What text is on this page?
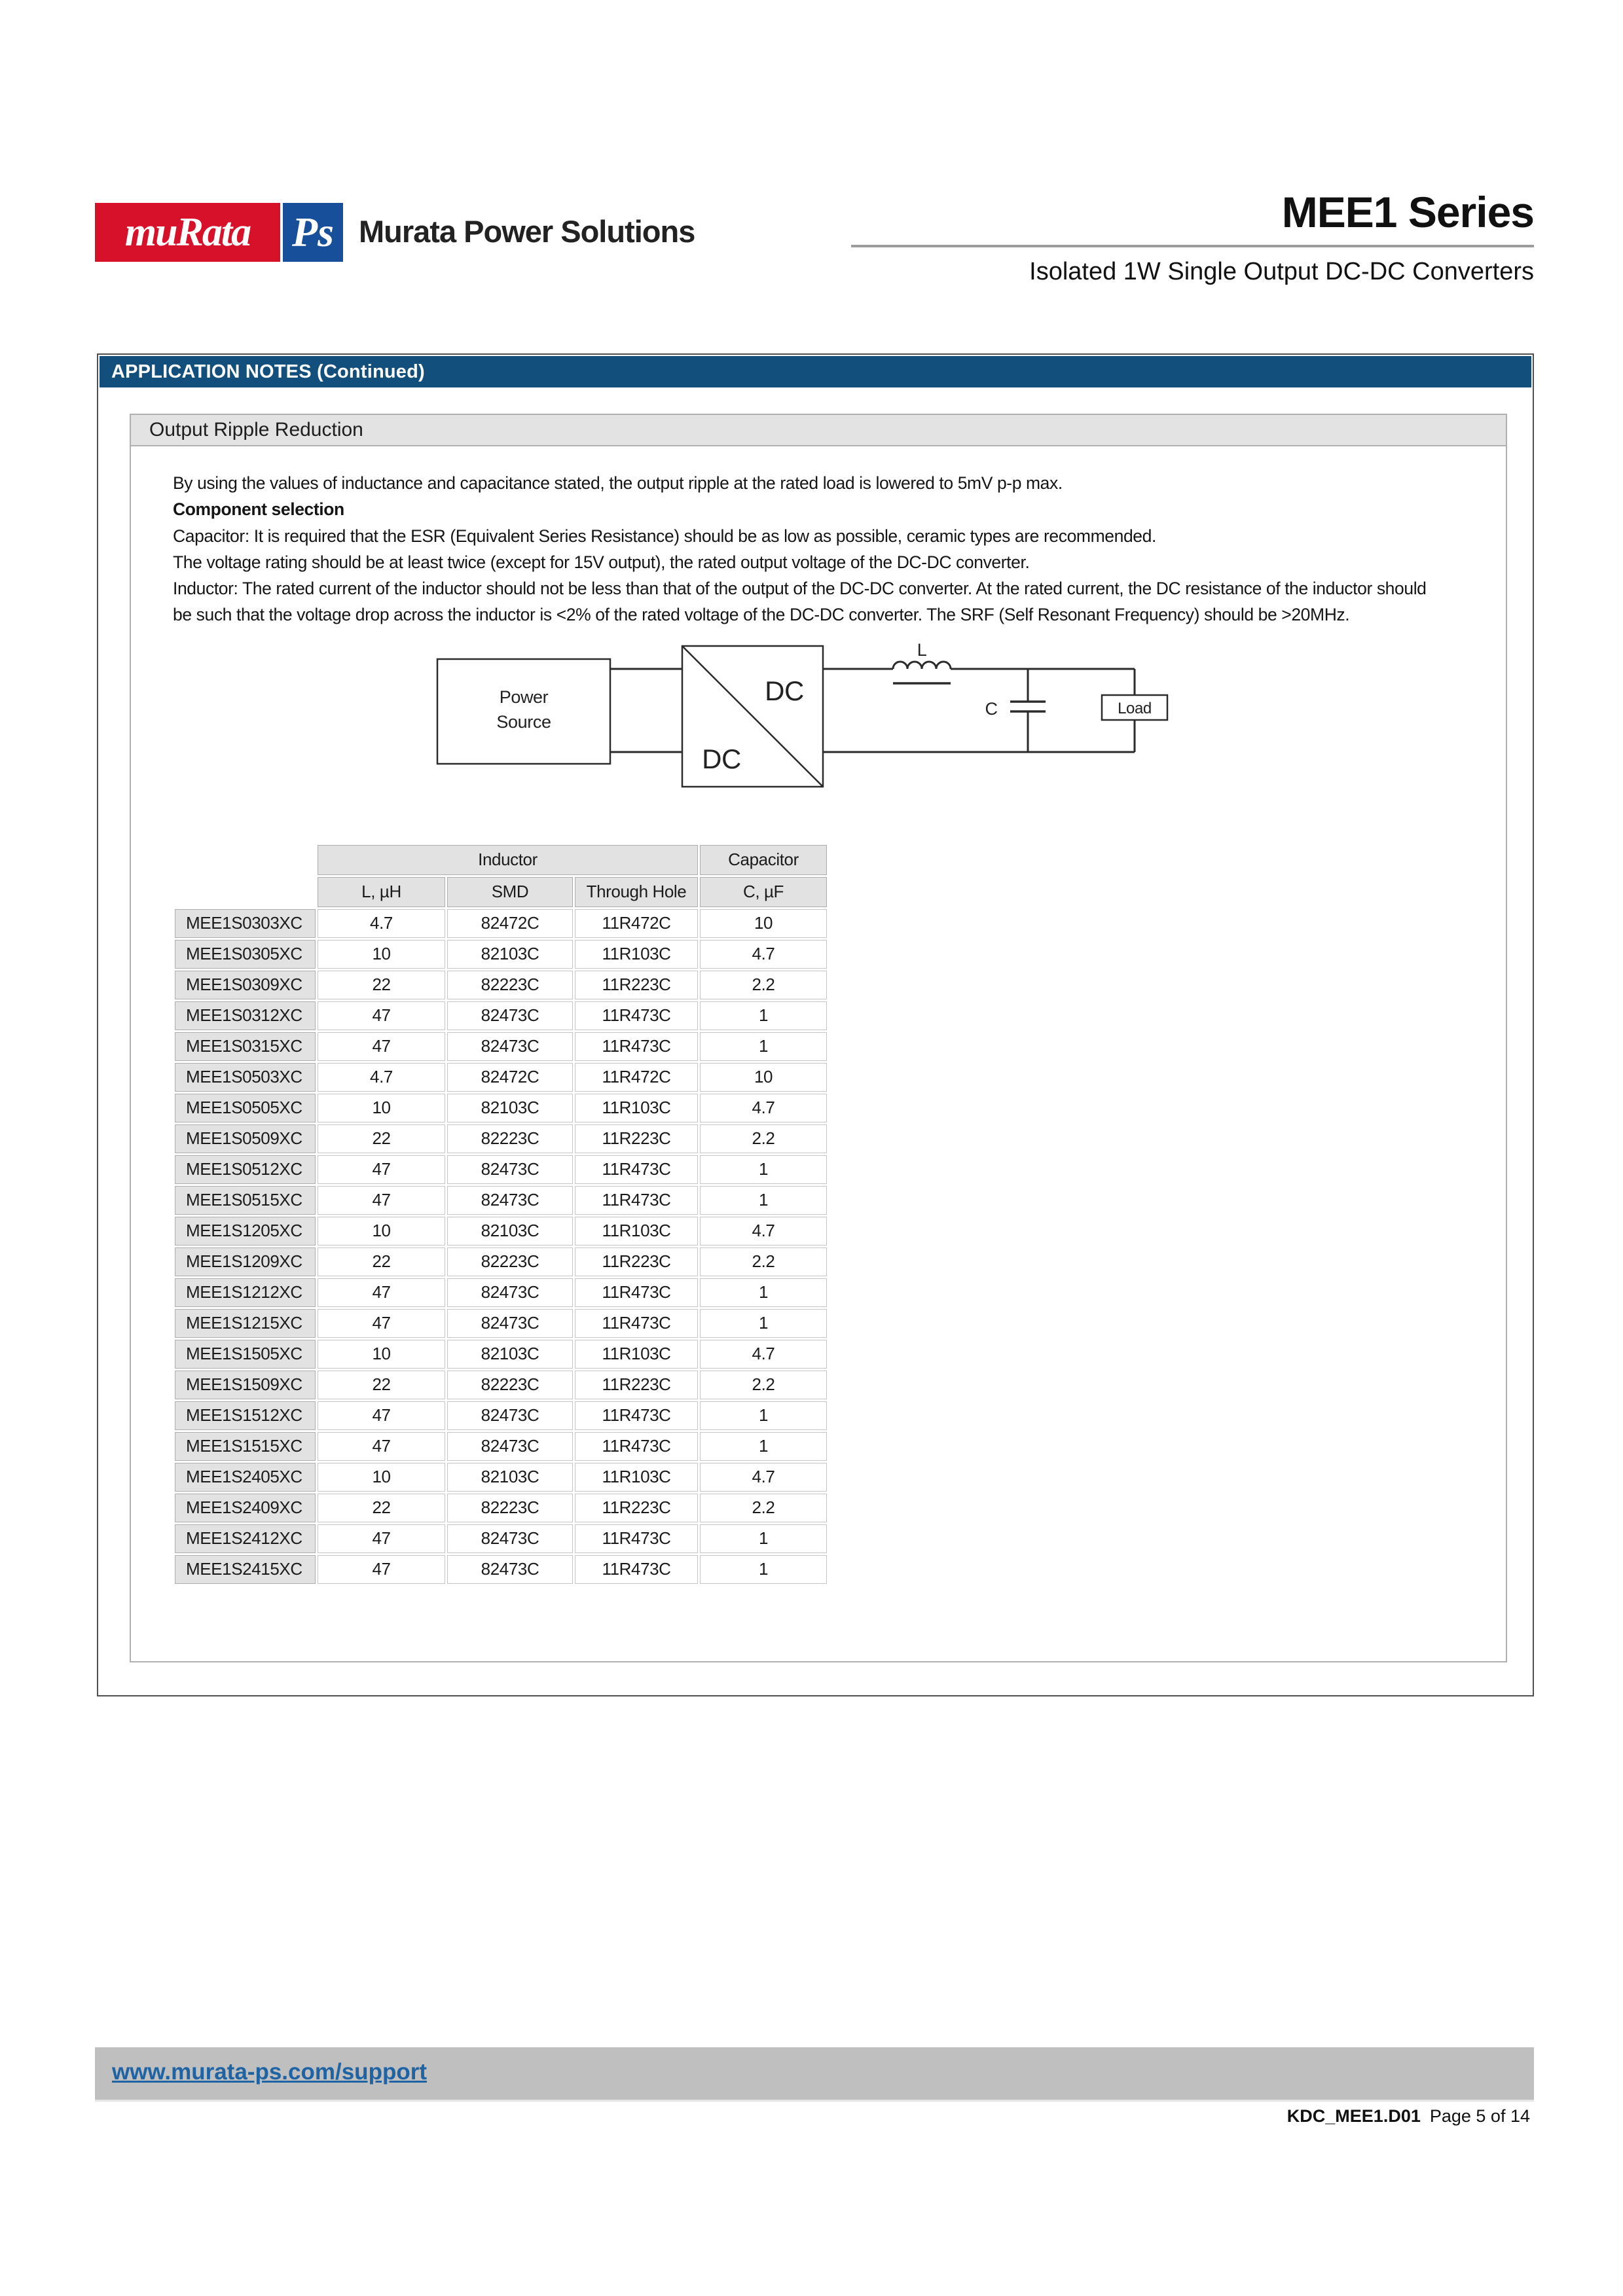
muRata Ps Murata Power Solutions	MEE1 Series
Isolated 1W Single Output DC-DC Converters
APPLICATION NOTES (Continued)
Output Ripple Reduction

By using the values of inductance and capacitance stated, the output ripple at the rated load is lowered to 5mV p-p max.

Component selection

Capacitor: It is required that the ESR (Equivalent Series Resistance) should be as low as possible, ceramic types are recommended.
The voltage rating should be at least twice (except for 15V output), the rated output voltage of the DC-DC converter.

Inductor: The rated current of the inductor should not be less than that of the output of the DC-DC converter. At the rated current, the DC resistance of the inductor should be such that the voltage drop across the inductor is <2% of the rated voltage of the DC-DC converter. The SRF (Self Resonant Frequency) should be >20MHz.

Power
Source
DC
DC
L
C	Load
	Inductor			Capacitor
	L, µH	SMD	Through Hole	C, µF
MEE1S0303XC	4.7	82472C	11R472C	10
MEE1S0305XC	10	82103C	11R103C	4.7
MEE1S0309XC	22	82223C	11R223C	2.2
MEE1S0312XC	47	82473C	11R473C	1
MEE1S0315XC	47	82473C	11R473C	1
MEE1S0503XC	4.7	82472C	11R472C	10
MEE1S0505XC	10	82103C	11R103C	4.7
MEE1S0509XC	22	82223C	11R223C	2.2
MEE1S0512XC	47	82473C	11R473C	1
MEE1S0515XC	47	82473C	11R473C	1
MEE1S1205XC	10	82103C	11R103C	4.7
MEE1S1209XC	22	82223C	11R223C	2.2
MEE1S1212XC	47	82473C	11R473C	1
MEE1S1215XC	47	82473C	11R473C	1
MEE1S1505XC	10	82103C	11R103C	4.7
MEE1S1509XC	22	82223C	11R223C	2.2
MEE1S1512XC	47	82473C	11R473C	1
MEE1S1515XC	47	82473C	11R473C	1
MEE1S2405XC	10	82103C	11R103C	4.7
MEE1S2409XC	22	82223C	11R223C	2.2
MEE1S2412XC	47	82473C	11R473C	1
MEE1S2415XC	47	82473C	11R473C	1
www.murata-ps.com/support
KDC_MEE1.D01 Page 5 of 14
